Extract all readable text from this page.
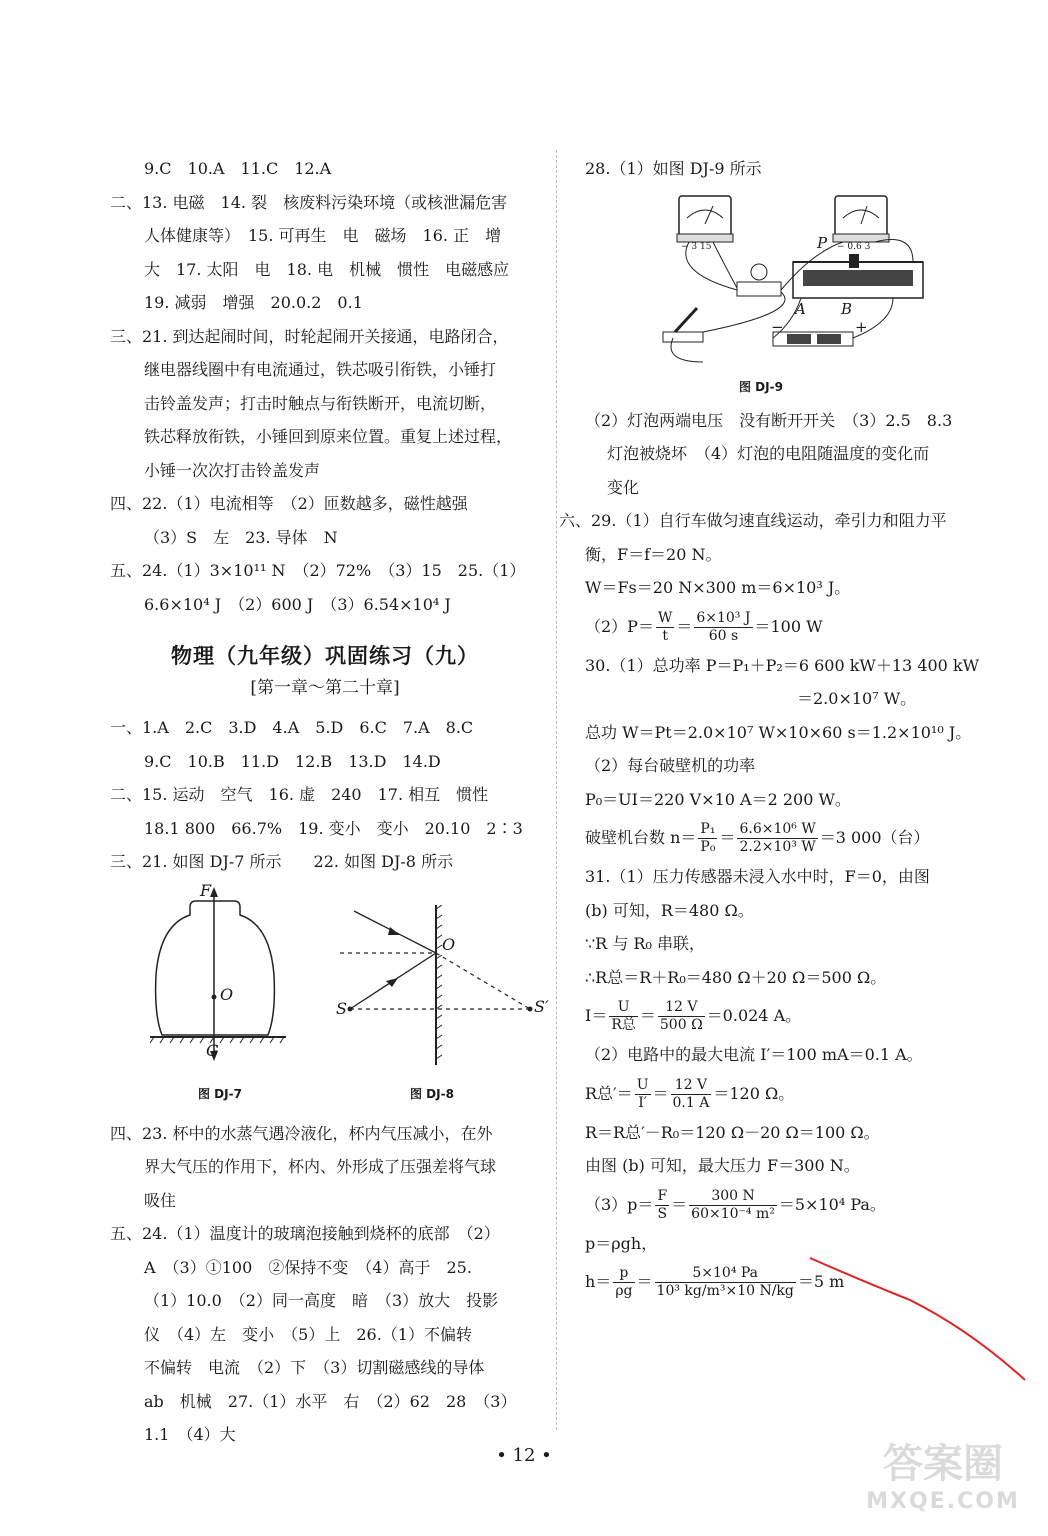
9.C　10.A　11.C　12.A
二、13. 电磁　14. 裂　核废料污染环境（或核泄漏危害
人体健康等）　15. 可再生　电　磁场　16. 正　增
大　17. 太阳　电　18. 电　机械　惯性　电磁感应
19. 减弱　增强　20.0.2　0.1
三、21. 到达起闹时间，时轮起闹开关接通，电路闭合，
继电器线圈中有电流通过，铁芯吸引衔铁，小锤打
击铃盖发声；打击时触点与衔铁断开，电流切断，
铁芯释放衔铁，小锤回到原来位置。重复上述过程，
小锤一次次打击铃盖发声
四、22.（1）电流相等　（2）匝数越多，磁性越强
（3）S　左　23. 导体　N
五、24.（1）3×10¹¹ N　（2）72%　（3）15　25.（1）
6.6×10⁴ J　（2）600 J　（3）6.54×10⁴ J
物理（九年级）巩固练习（九）
[第一章～第二十章]
一、1.A　2.C　3.D　4.A　5.D　6.C　7.A　8.C
9.C　10.B　11.D　12.B　13.D　14.D
二、15. 运动　空气　16. 虚　240　17. 相互　惯性
18.1 800　66.7%　19. 变小　变小　20.10　2∶3
三、21. 如图 DJ-7 所示　　22. 如图 DJ-8 所示
F
O
G
O
S	S′
图 DJ-7	图 DJ-8
四、23. 杯中的水蒸气遇冷液化，杯内气压减小，在外
界大气压的作用下，杯内、外形成了压强差将气球
吸住
五、24.（1）温度计的玻璃泡接触到烧杯的底部　（2）
A　（3）①100　②保持不变　（4）高于　25.
（1）10.0　（2）同一高度　暗　（3）放大　投影
仪　（4）左　变小　（5）上　26.（1）不偏转
不偏转　电流　（2）下　（3）切割磁感线的导体
ab　机械　27.（1）水平　右　（2）62　28　（3）
1.1　（4）大
28.（1）如图 DJ-9 所示
− 3 15	− 0.6 3
P
A B
−	+
图 DJ-9
（2）灯泡两端电压　没有断开开关　（3）2.5　8.3
灯泡被烧坏　（4）灯泡的电阻随温度的变化而
变化
六、29.（1）自行车做匀速直线运动，牵引力和阻力平
衡，F＝f＝20 N。
W＝Fs＝20 N×300 m＝6×10³ J。
$(2)P= \frac{W}{t} = \frac{\text{6×10³ J}}{60 s} =100$ W
30.（1）总功率 P＝P₁＋P₂＝6 600 kW＋13 400 kW
＝2.0×10⁷ W。
总功 W＝Pt＝2.0×10⁷ W×10×60 s＝1.2×10¹⁰ J。
（2）每台破壁机的功率
P₀＝UI＝220 V×10 A＝2 200 W。
破壁机台数 $n= \frac{\text{P₁}}{\text{P₀}} = \frac{\text{6.6×10⁶ W}}{\text{2.2×10³ W}} =3$ 000（台）
31.（1）压力传感器未浸入水中时，F＝0，由图
(b) 可知，R＝480 Ω。
∵R 与 R₀ 串联，
∴R总＝R＋R₀＝480 Ω＋20 Ω＝500 Ω。
$I= \frac{U}{\text{R总}} = \frac{12 V}{500 \Omega} =0.024$ A。
（2）电路中的最大电流 I′＝100 mA＝0.1 A。
R总′＝ $\frac{U}{I'} = \frac{12 V}{0.1 A} =120$ Ω。
R＝R总′－R₀＝120 Ω－20 Ω＝100 Ω。
由图 (b) 可知，最大压力 F＝300 N。
$(3)p= \frac{F}{S} = \frac{300 N}{\text{60×10⁻⁴ m²}} =5\times 10^4$ Pa。
p＝ρgh，
$h= \frac{p}{\rho g} = \frac{\text{5×10⁴ Pa}}{\text{10³ kg/m³×10 N/kg}} =5$ m
• 12 •	答案圈
MXQE.COM
